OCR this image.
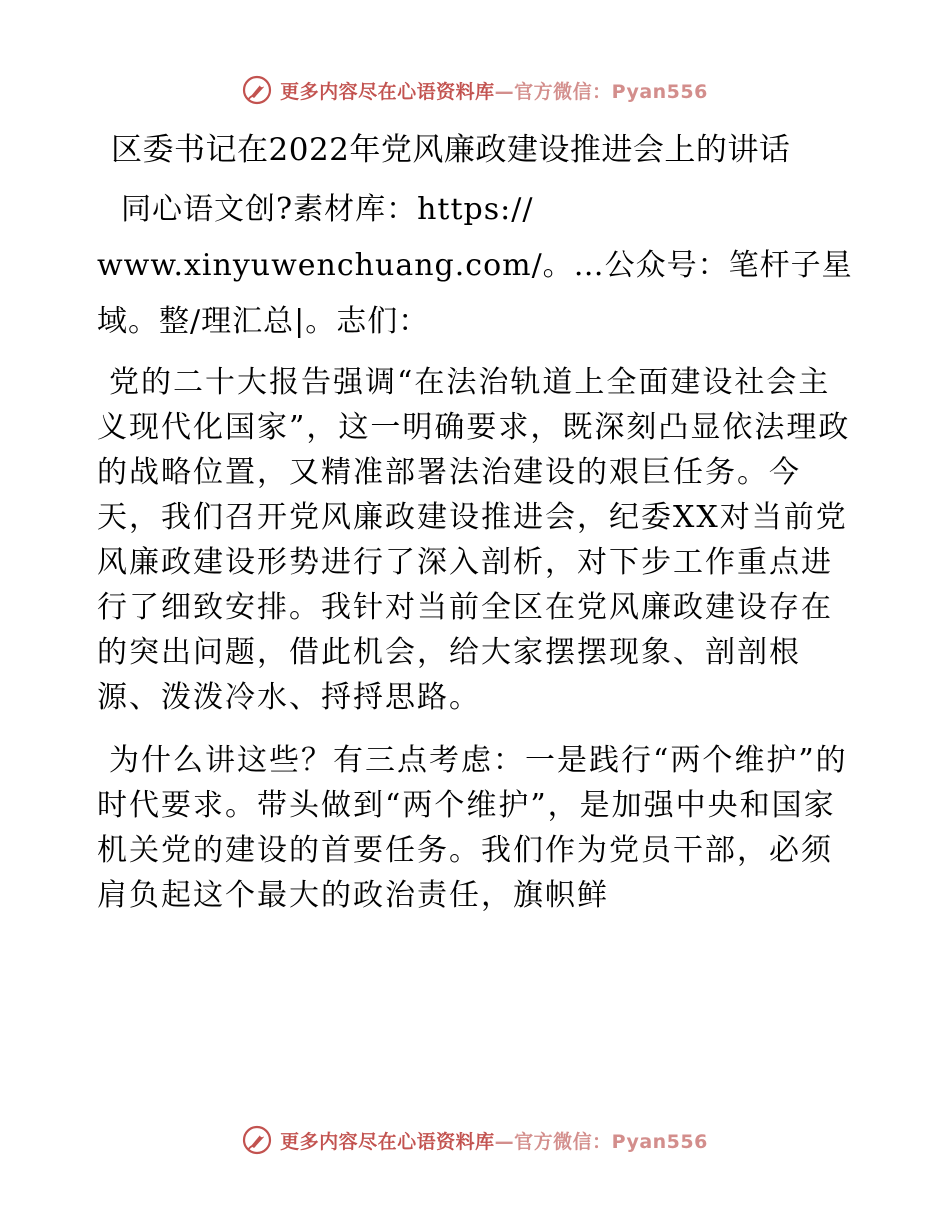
更多内容尽在心语资料库 —官方微信：Pyan556
区委书记在2022年党风廉政建设推进会上的讲话
同心语文创?素材库：https://
www.xinyuwenchuang.com/。…公众号：笔杆子星
域。整/理汇总|。志们：

党的二十大报告强调“在法治轨道上全面建设社会主义现代化国家”，这一明确要求，既深刻凸显依法理政的战略位置，又精准部署法治建设的艰巨任务。今天，我们召开党风廉政建设推进会，纪委XX对当前党风廉政建设形势进行了深入剖析，对下步工作重点进行了细致安排。我针对当前全区在党风廉政建设存在的突出问题，借此机会，给大家摆摆现象、剖剖根源、泼泼冷水、捋捋思路。

为什么讲这些？有三点考虑：一是践行“两个维护”的时代要求。带头做到“两个维护”，是加强中央和国家机关党的建设的首要任务。我们作为党员干部，必须肩负起这个最大的政治责任，旗帜鲜

更多内容尽在心语资料库 —官方微信：Pyan556
